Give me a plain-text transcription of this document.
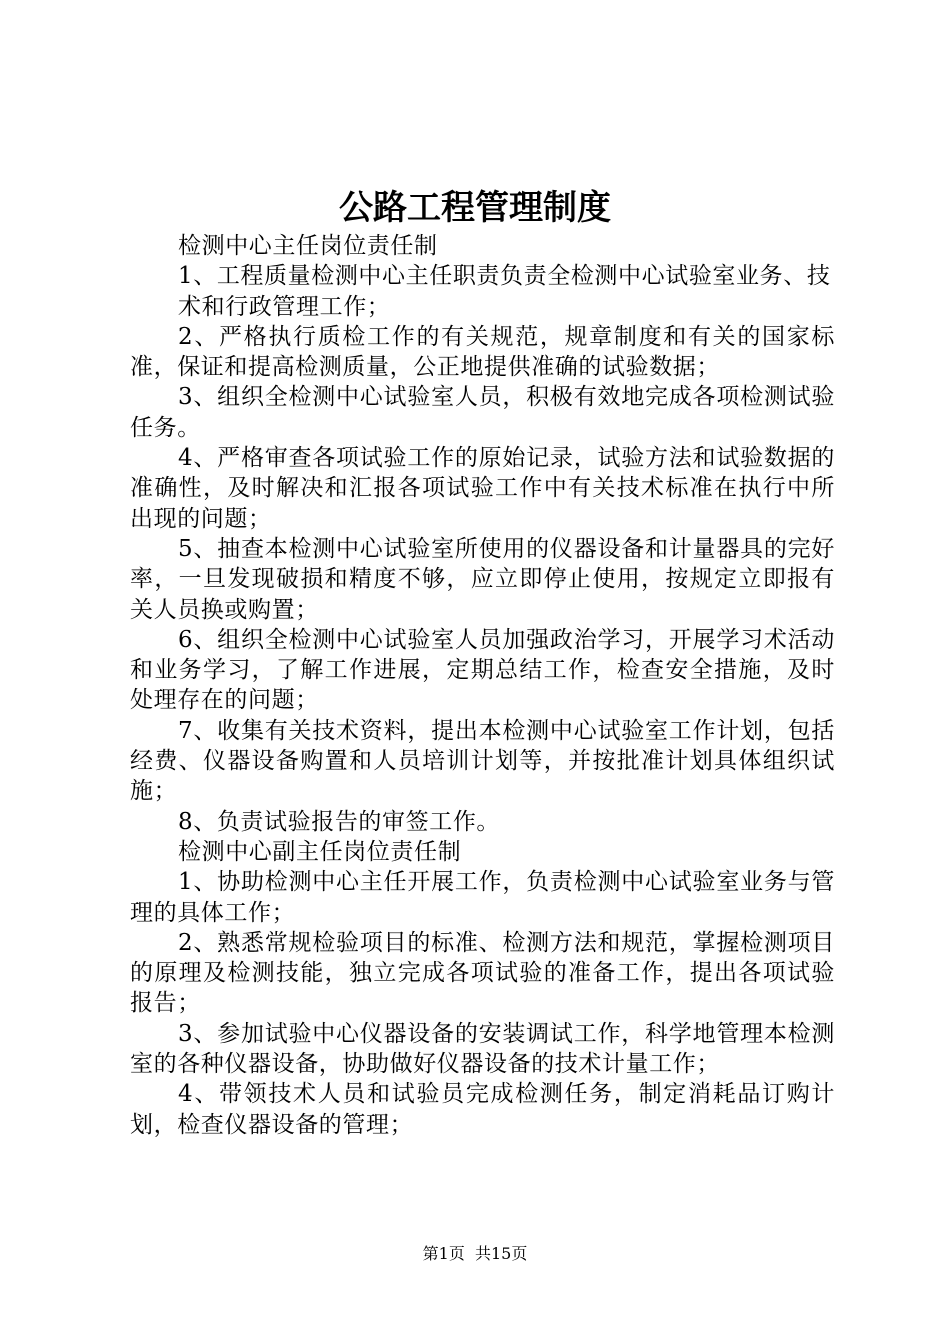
公路工程管理制度

检测中心主任岗位责任制

1、工程质量检测中心主任职责负责全检测中心试验室业务、技

术和行政管理工作；

2、严格执行质检工作的有关规范，规章制度和有关的国家标准，保证和提高检测质量，公正地提供准确的试验数据；

3、组织全检测中心试验室人员，积极有效地完成各项检测试验任务。

4、严格审查各项试验工作的原始记录，试验方法和试验数据的准确性，及时解决和汇报各项试验工作中有关技术标准在执行中所出现的问题；

5、抽查本检测中心试验室所使用的仪器设备和计量器具的完好率，一旦发现破损和精度不够，应立即停止使用，按规定立即报有关人员换或购置；

6、组织全检测中心试验室人员加强政治学习，开展学习术活动和业务学习，了解工作进展，定期总结工作，检查安全措施，及时处理存在的问题；

7、收集有关技术资料，提出本检测中心试验室工作计划，包括经费、仪器设备购置和人员培训计划等，并按批准计划具体组织试施；

8、负责试验报告的审签工作。

检测中心副主任岗位责任制

1、协助检测中心主任开展工作，负责检测中心试验室业务与管理的具体工作；

2、熟悉常规检验项目的标准、检测方法和规范，掌握检测项目的原理及检测技能，独立完成各项试验的准备工作，提出各项试验报告；

3、参加试验中心仪器设备的安装调试工作，科学地管理本检测室的各种仪器设备，协助做好仪器设备的技术计量工作；

4、带领技术人员和试验员完成检测任务，制定消耗品订购计划，检查仪器设备的管理；

第1页  共15页
